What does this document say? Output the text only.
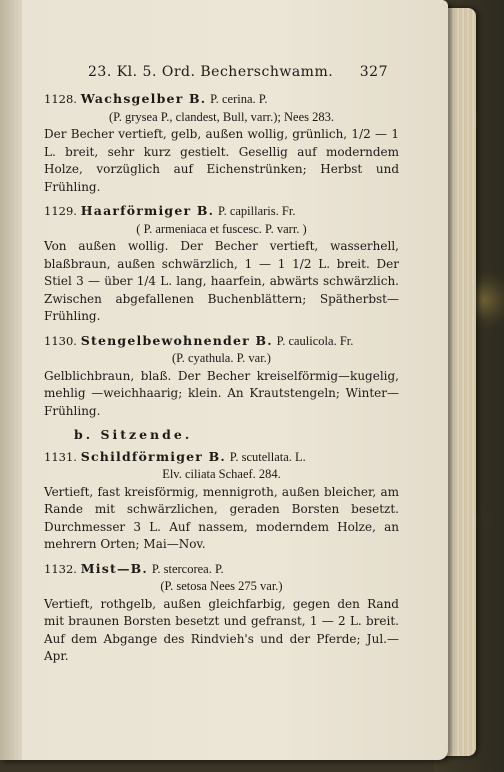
23. Kl. 5. Ord. Becherschwamm. 327
1128. Wachsgelber B. P. cerina. P.
(P. grysea P., clandest, Bull, varr.); Nees 283.
Der Becher vertieft, gelb, außen wollig, grünlich, 1/2 — 1 L. breit, sehr kurz gestielt. Gesellig auf moderndem Holze, vorzüglich auf Eichenstrünken; Herbst und Frühling.
1129. Haarförmiger B. P. capillaris. Fr.
( P. armeniaca et fuscesc. P. varr. )
Von außen wollig. Der Becher vertieft, wasserhell, blaßbraun, außen schwärzlich, 1 — 1 1/2 L. breit. Der Stiel 3 — über 1/4 L. lang, haarfein, abwärts schwärzlich. Zwischen abgefallenen Buchenblättern; Spätherbst— Frühling.
1130. Stengelbewohnender B. P. caulicola. Fr.
(P. cyathula. P. var.)
Gelblichbraun, blaß. Der Becher kreiselförmig—kugelig, mehlig —weichhaarig; klein. An Krautstengeln; Winter—Frühling.
b. Sitzende.
1131. Schildförmiger B. P. scutellata. L.
Elv. ciliata Schaef. 284.
Vertieft, fast kreisförmig, mennigroth, außen bleicher, am Rande mit schwärzlichen, geraden Borsten besetzt. Durchmesser 3 L. Auf nassem, moderndem Holze, an mehrern Orten; Mai—Nov.
1132. Mist—B. P. stercorea. P.
(P. setosa Nees 275 var.)
Vertieft, rothgelb, außen gleichfarbig, gegen den Rand mit braunen Borsten besetzt und gefranst, 1 — 2 L. breit. Auf dem Abgange des Rindvieh's und der Pferde; Jul.— Apr.
